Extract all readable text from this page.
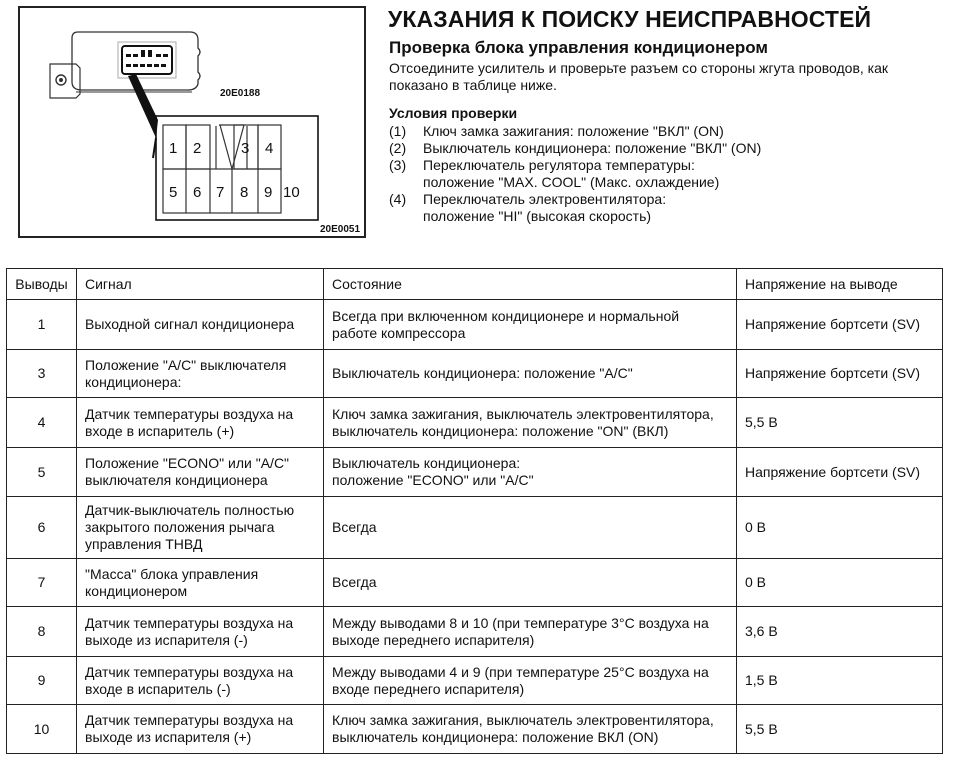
1 2	3 4
5 6 7 8 9 10
20E0188
20E0051
УКАЗАНИЯ К ПОИСКУ НЕИСПРАВНОСТЕЙ
Проверка блока управления кондиционером
Отсоедините усилитель и проверьте разъем со стороны жгута проводов, как показано в таблице ниже.
Условия проверки
(1)	Ключ замка зажигания: положение "ВКЛ" (ON)
(2)	Выключатель кондиционера: положение "ВКЛ" (ON)
(3)	Переключатель регулятора температуры:
положение "MAX. COOL" (Макс. охлаждение)
(4)	Переключатель электровентилятора:
положение "HI" (высокая скорость)
Выводы	Сигнал	Состояние	Напряжение на выводе
1	Выходной сигнал кондиционера	Всегда при включенном кондиционере и нормальной работе компрессора	Напряжение бортсети (SV)
3	Положение "A/C" выключателя кондиционера:	Выключатель кондиционера: положение "A/C"	Напряжение бортсети (SV)
4	Датчик температуры воздуха на входе в испаритель (+)	Ключ замка зажигания, выключатель электровентилятора, выключатель кондиционера: положение "ON" (ВКЛ)	5,5 В
5	Положение "ECONO" или "A/C" выключателя кондиционера	Выключатель кондиционера:
положение "ECONO" или "A/C"	Напряжение бортсети (SV)
6	Датчик-выключатель полностью закрытого положения рычага управления ТНВД	Всегда	0 В
7	"Масса" блока управления кондиционером	Всегда	0 В
8	Датчик температуры воздуха на выходе из испарителя (-)	Между выводами 8 и 10 (при температуре 3°C воздуха на выходе переднего испарителя)	3,6 В
9	Датчик температуры воздуха на входе в испаритель (-)	Между выводами 4 и 9 (при температуре 25°C воздуха на входе переднего испарителя)	1,5 В
10	Датчик температуры воздуха на выходе из испарителя (+)	Ключ замка зажигания, выключатель электровентилятора, выключатель кондиционера: положение ВКЛ (ON)	5,5 В
